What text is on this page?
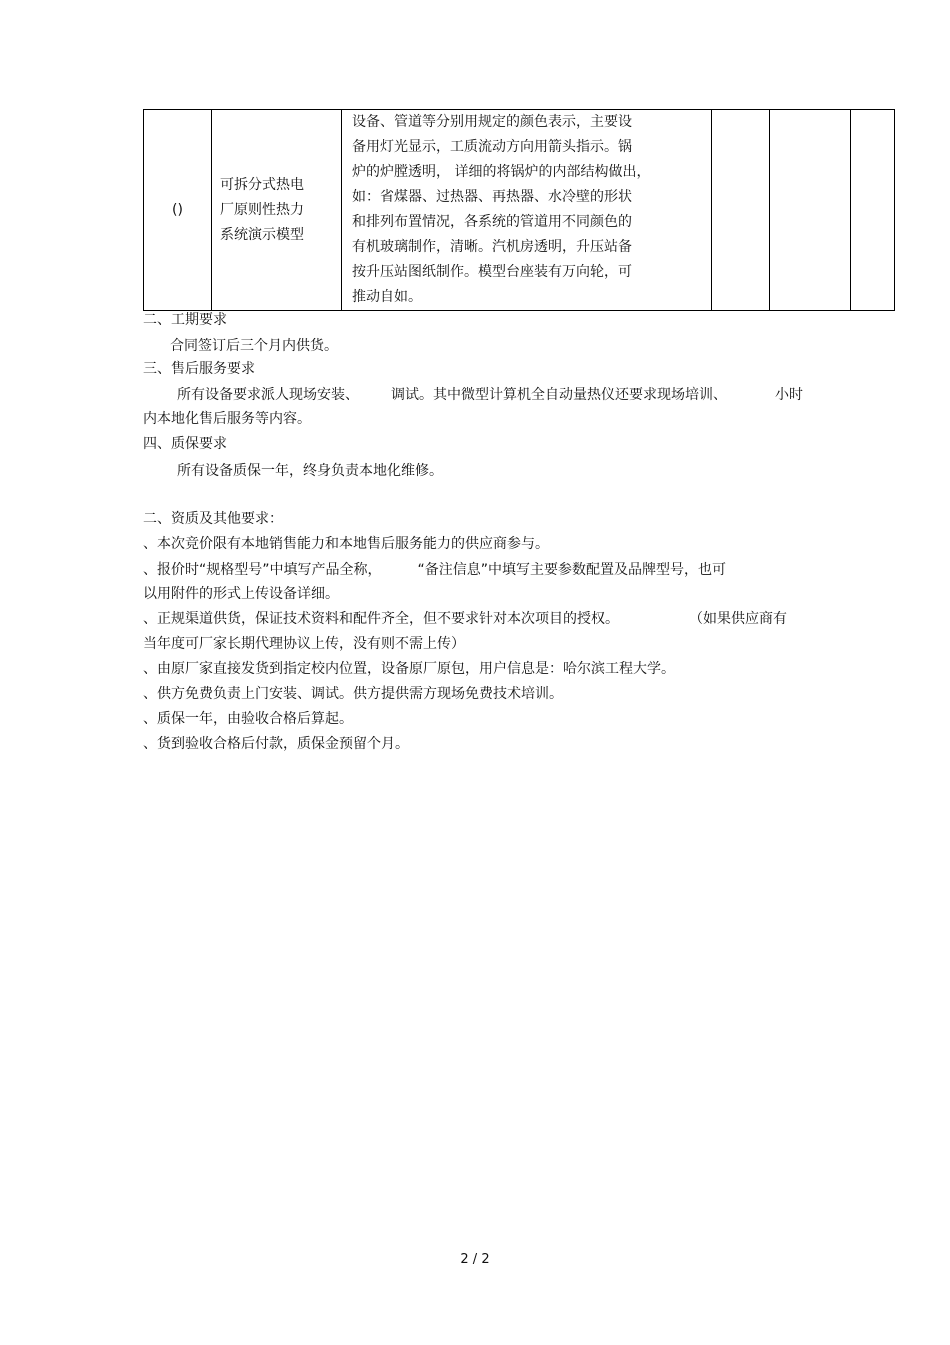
()	
可拆分式热电
厂原则性热力
系统演示模型

设备、管道等分别用规定的颜色表示，主要设
备用灯光显示，工质流动方向用箭头指示。锅
炉的炉膛透明， 详细的将锅炉的内部结构做出，
如：省煤器、过热器、再热器、水冷壁的形状
和排列布置情况，各系统的管道用不同颜色的
有机玻璃制作，清晰。汽机房透明，升压站备
按升压站图纸制作。模型台座装有万向轮，可
推动自如。

二、工期要求
合同签订后三个月内供货。
三、售后服务要求
所有设备要求派人现场安装、 调试。其中微型计算机全自动量热仪还要求现场培训、	小时
内本地化售后服务等内容。
四、质保要求
所有设备质保一年，终身负责本地化维修。
二、资质及其他要求：
、本次竞价限有本地销售能力和本地售后服务能力的供应商参与。
、报价时“规格型号”中填写产品全称，	“备注信息”中填写主要参数配置及品牌型号，也可
以用附件的形式上传设备详细。
、正规渠道供货，保证技术资料和配件齐全，但不要求针对本次项目的授权。	（如果供应商有
当年度可厂家长期代理协议上传，没有则不需上传）
、由原厂家直接发货到指定校内位置，设备原厂原包，用户信息是：哈尔滨工程大学。
、供方免费负责上门安装、调试。供方提供需方现场免费技术培训。
、质保一年，由验收合格后算起。
、货到验收合格后付款，质保金预留个月。
2 / 2
